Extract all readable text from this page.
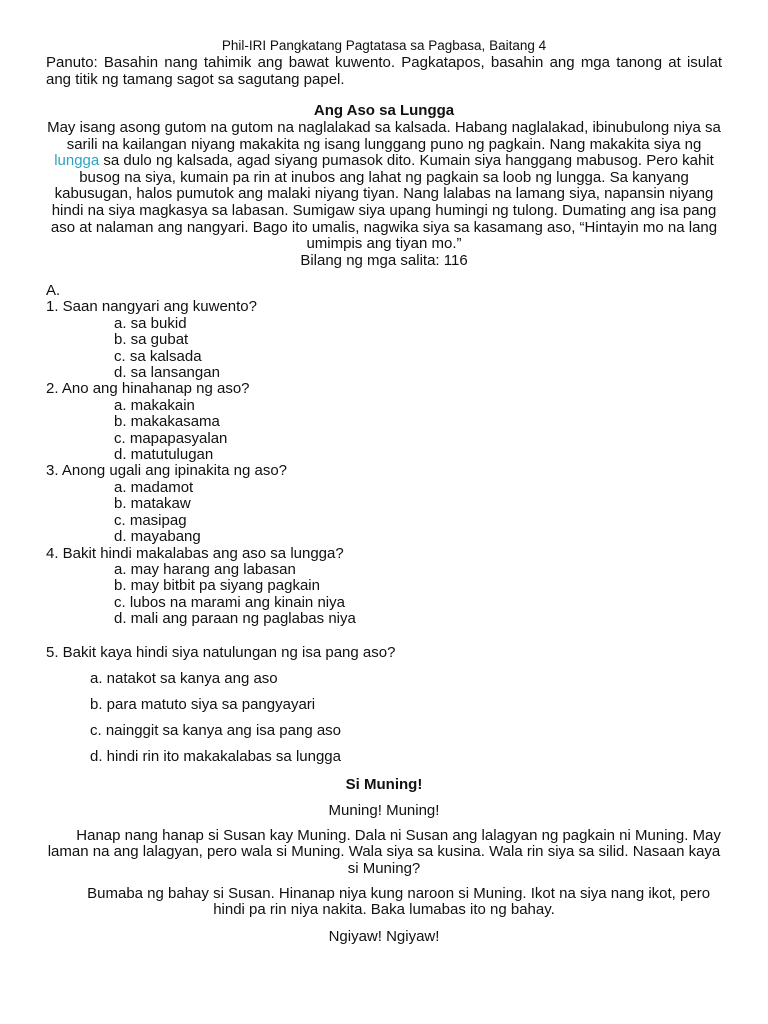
Phil-IRI Pangkatang Pagtatasa sa Pagbasa, Baitang 4
Panuto: Basahin nang tahimik ang bawat kuwento. Pagkatapos, basahin ang mga tanong at isulat ang titik ng tamang sagot sa sagutang papel.
Ang Aso sa Lungga
May isang asong gutom na gutom na naglalakad sa kalsada. Habang naglalakad, ibinubulong niya sa sarili na kailangan niyang makakita ng isang lunggang puno ng pagkain. Nang makakita siya ng lungga sa dulo ng kalsada, agad siyang pumasok dito. Kumain siya hanggang mabusog. Pero kahit busog na siya, kumain pa rin at inubos ang lahat ng pagkain sa loob ng lungga. Sa kanyang kabusugan, halos pumutok ang malaki niyang tiyan. Nang lalabas na lamang siya, napansin niyang hindi na siya magkasya sa labasan. Sumigaw siya upang humingi ng tulong. Dumating ang isa pang aso at nalaman ang nangyari. Bago ito umalis, nagwika siya sa kasamang aso, “Hintayin mo na lang umimpis ang tiyan mo.”
Bilang ng mga salita: 116
A.
1. Saan nangyari ang kuwento?
a. sa bukid
b. sa gubat
c. sa kalsada
d. sa lansangan
2. Ano ang hinahanap ng aso?
a. makakain
b. makakasama
c. mapapasyalan
d. matutulugan
3. Anong ugali ang ipinakita ng aso?
a. madamot
b. matakaw
c. masipag
d. mayabang
4. Bakit hindi makalabas ang aso sa lungga?
a. may harang ang labasan
b. may bitbit pa siyang pagkain
c. lubos na marami ang kinain niya
d. mali ang paraan ng paglabas niya
5. Bakit kaya hindi siya natulungan ng isa pang aso?
a. natakot sa kanya ang aso
b. para matuto siya sa pangyayari
c. nainggit sa kanya ang isa pang aso
d. hindi rin ito makakalabas sa lungga
Si Muning!
Muning! Muning!
Hanap nang hanap si Susan kay Muning. Dala ni Susan ang lalagyan ng pagkain ni Muning. May laman na ang lalagyan, pero wala si Muning. Wala siya sa kusina. Wala rin siya sa silid. Nasaan kaya si Muning?
Bumaba ng bahay si Susan. Hinanap niya kung naroon si Muning. Ikot na siya nang ikot, pero hindi pa rin niya nakita. Baka lumabas ito ng bahay.
Ngiyaw! Ngiyaw!
